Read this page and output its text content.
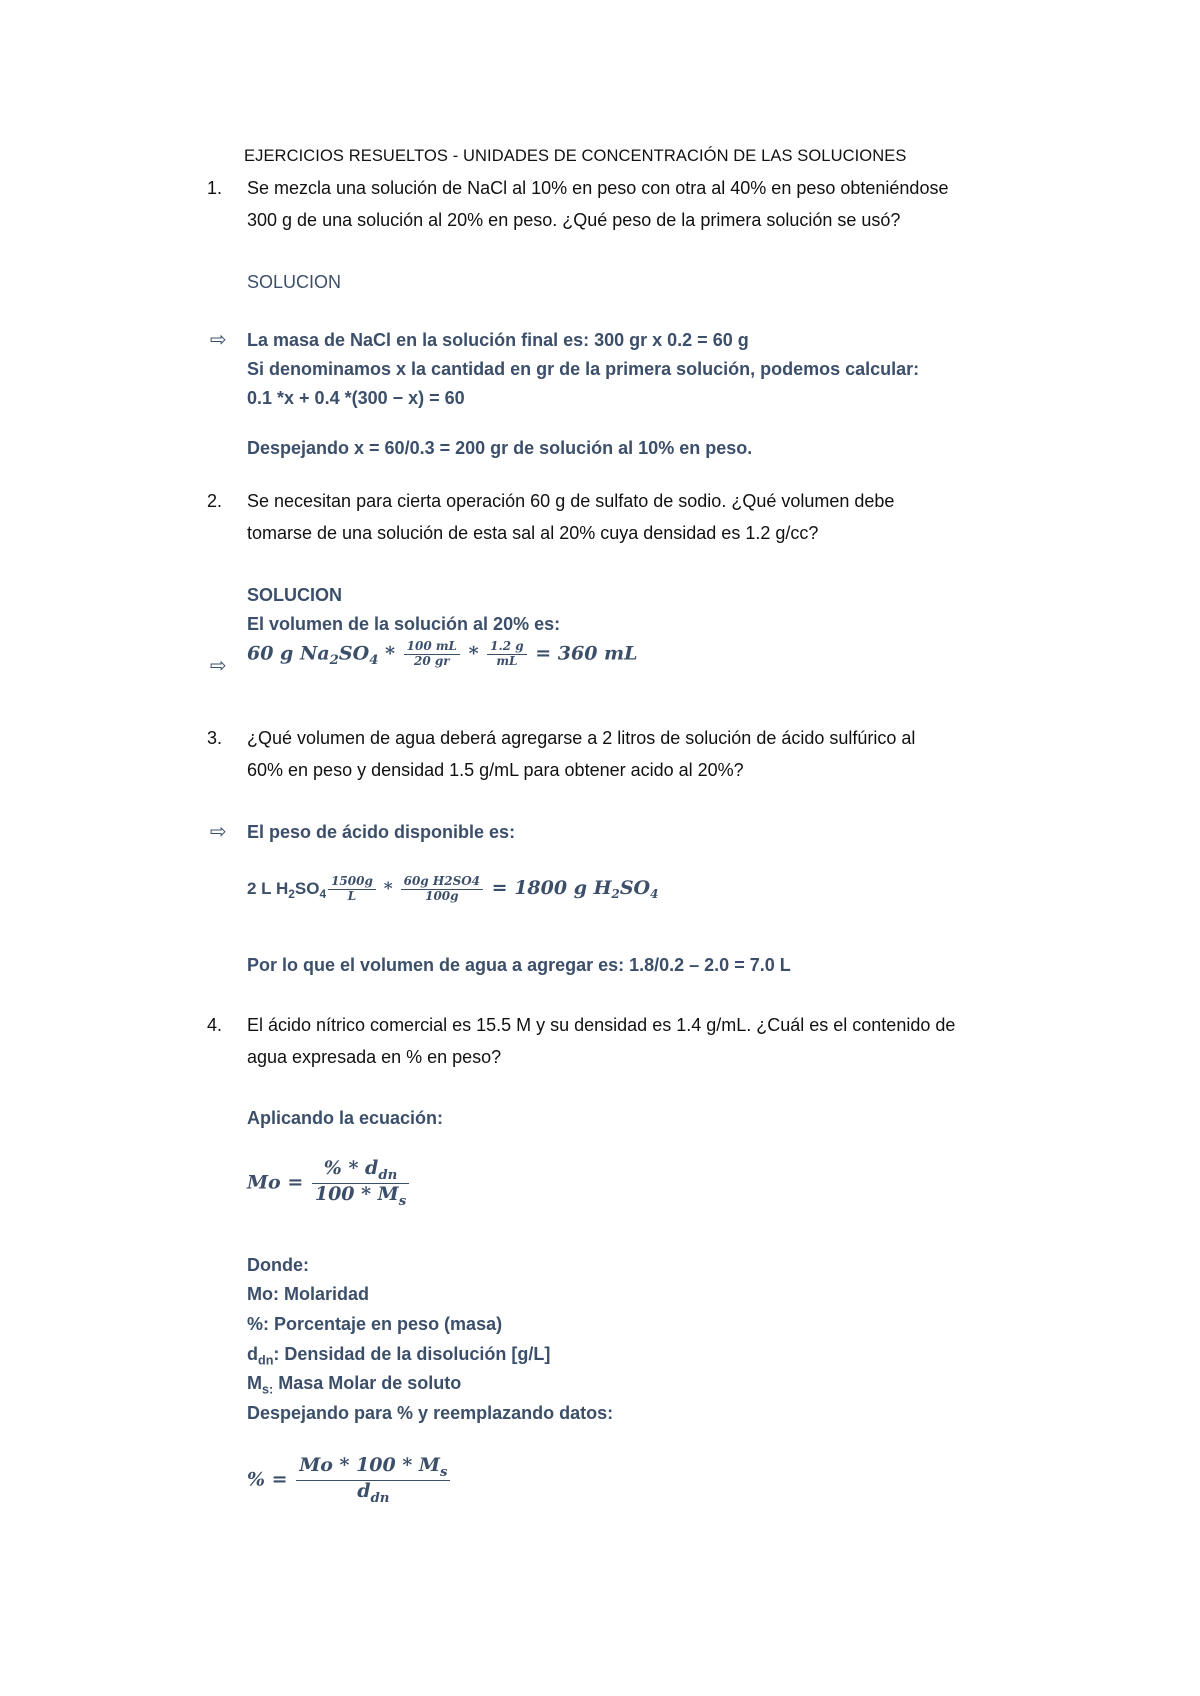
EJERCICIOS RESUELTOS - UNIDADES DE CONCENTRACIÓN DE LAS SOLUCIONES
1. Se mezcla una solución de NaCl al 10% en peso con otra al 40% en peso obteniéndose
300 g de una solución al 20% en peso. ¿Qué peso de la primera solución se usó?
SOLUCION
⇨ La masa de NaCl en la solución final es: 300 gr x 0.2 = 60 g
Si denominamos x la cantidad en gr de la primera solución, podemos calcular:
0.1 *x + 0.4 *(300 − x) = 60
Despejando x = 60/0.3 = 200 gr de solución al 10% en peso.
2. Se necesitan para cierta operación 60 g de sulfato de sodio. ¿Qué volumen debe
tomarse de una solución de esta sal al 20% cuya densidad es 1.2 g/cc?
SOLUCION
El volumen de la solución al 20% es:
⇨
60 g $Na_2SO_4 * \frac{100 mL}{20 gr} * \frac{1.2 g}{mL} = 360$ mL
3. ¿Qué volumen de agua deberá agregarse a 2 litros de solución de ácido sulfúrico al
60% en peso y densidad 1.5 g/mL para obtener acido al 20%?
⇨ El peso de ácido disponible es:
2 L $H_2SO_4 \frac{1500g}{L} * \frac{\text{60g H2SO4}}{100g} = 1800$ g $H_2SO_4$
Por lo que el volumen de agua a agregar es: 1.8/0.2 – 2.0 = 7.0 L
4. El ácido nítrico comercial es 15.5 M y su densidad es 1.4 g/mL. ¿Cuál es el contenido de
agua expresada en % en peso?
Aplicando la ecuación:
$Mo = \frac{\% * d_{dn}}{100 * M_s}$
Donde:
Mo: Molaridad
%: Porcentaje en peso (masa)
$d_{dn}$: Densidad de la disolución [g/L]
$M_{s:}$ Masa Molar de soluto
Despejando para % y reemplazando datos:
% = $\frac{Mo * 100 * M_s}{d_{dn}}$
